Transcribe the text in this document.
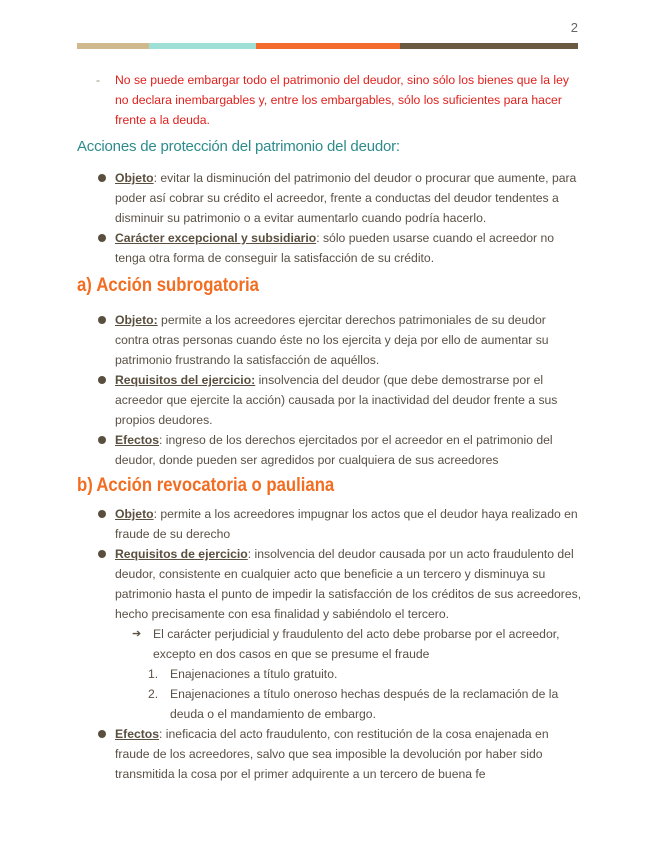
2

- No se puede embargar todo el patrimonio del deudor, sino sólo los bienes que la ley no declara inembargables y, entre los embargables, sólo los suficientes para hacer frente a la deuda.

Acciones de protección del patrimonio del deudor:
Objeto: evitar la disminución del patrimonio del deudor o procurar que aumente, para poder así cobrar su crédito el acreedor, frente a conductas del deudor tendentes a disminuir su patrimonio o a evitar aumentarlo cuando podría hacerlo.
Carácter excepcional y subsidiario: sólo pueden usarse cuando el acreedor no tenga otra forma de conseguir la satisfacción de su crédito.
a) Acción subrogatoria
Objeto: permite a los acreedores ejercitar derechos patrimoniales de su deudor contra otras personas cuando éste no los ejercita y deja por ello de aumentar su patrimonio frustrando la satisfacción de aquéllos.
Requisitos del ejercicio: insolvencia del deudor (que debe demostrarse por el acreedor que ejercite la acción) causada por la inactividad del deudor frente a sus propios deudores.
Efectos: ingreso de los derechos ejercitados por el acreedor en el patrimonio del deudor, donde pueden ser agredidos por cualquiera de sus acreedores
b) Acción revocatoria o pauliana
Objeto: permite a los acreedores impugnar los actos que el deudor haya realizado en fraude de su derecho
Requisitos de ejercicio: insolvencia del deudor causada por un acto fraudulento del deudor, consistente en cualquier acto que beneficie a un tercero y disminuya su patrimonio hasta el punto de impedir la satisfacción de los créditos de sus acreedores, hecho precisamente con esa finalidad y sabiéndolo el tercero.
➔ El carácter perjudicial y fraudulento del acto debe probarse por el acreedor, excepto en dos casos en que se presume el fraude
1. Enajenaciones a título gratuito.
2. Enajenaciones a título oneroso hechas después de la reclamación de la deuda o el mandamiento de embargo.
Efectos: ineficacia del acto fraudulento, con restitución de la cosa enajenada en fraude de los acreedores, salvo que sea imposible la devolución por haber sido transmitida la cosa por el primer adquirente a un tercero de buena fe
